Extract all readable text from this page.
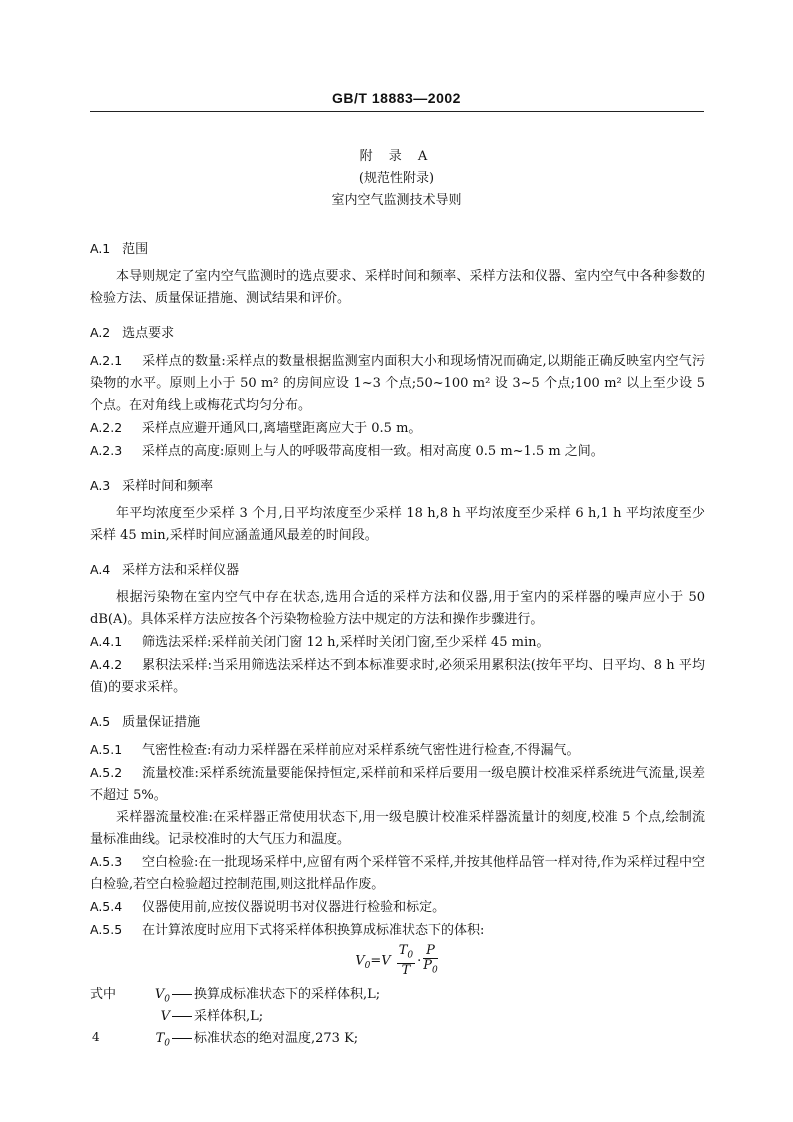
GB/T 18883—2002
附 录 A
(规范性附录)
室内空气监测技术导则
A.1 范围
本导则规定了室内空气监测时的选点要求、采样时间和频率、采样方法和仪器、室内空气中各种参数的检验方法、质量保证措施、测试结果和评价。
A.2 选点要求
A.2.1 采样点的数量:采样点的数量根据监测室内面积大小和现场情况而确定,以期能正确反映室内空气污染物的水平。原则上小于 50 m² 的房间应设 1~3 个点;50~100 m² 设 3~5 个点;100 m² 以上至少设 5 个点。在对角线上或梅花式均匀分布。
A.2.2 采样点应避开通风口,离墙壁距离应大于 0.5 m。
A.2.3 采样点的高度:原则上与人的呼吸带高度相一致。相对高度 0.5 m~1.5 m 之间。
A.3 采样时间和频率
年平均浓度至少采样 3 个月,日平均浓度至少采样 18 h,8 h 平均浓度至少采样 6 h,1 h 平均浓度至少采样 45 min,采样时间应涵盖通风最差的时间段。
A.4 采样方法和采样仪器
根据污染物在室内空气中存在状态,选用合适的采样方法和仪器,用于室内的采样器的噪声应小于 50 dB(A)。具体采样方法应按各个污染物检验方法中规定的方法和操作步骤进行。
A.4.1 筛选法采样:采样前关闭门窗 12 h,采样时关闭门窗,至少采样 45 min。
A.4.2 累积法采样:当采用筛选法采样达不到本标准要求时,必须采用累积法(按年平均、日平均、8 h 平均值)的要求采样。
A.5 质量保证措施
A.5.1 气密性检查:有动力采样器在采样前应对采样系统气密性进行检查,不得漏气。
A.5.2 流量校准:采样系统流量要能保持恒定,采样前和采样后要用一级皂膜计校准采样系统进气流量,误差不超过 5%。
采样器流量校准:在采样器正常使用状态下,用一级皂膜计校准采样器流量计的刻度,校准 5 个点,绘制流量标准曲线。记录校准时的大气压力和温度。
A.5.3 空白检验:在一批现场采样中,应留有两个采样管不采样,并按其他样品管一样对待,作为采样过程中空白检验,若空白检验超过控制范围,则这批样品作废。
A.5.4 仪器使用前,应按仪器说明书对仪器进行检验和标定。
A.5.5 在计算浓度时应用下式将采样体积换算成标准状态下的体积:
$V_0=V \frac{T_0}{T} \cdot \frac{P}{P_0}$
式中	$V_0$ 换算成标准状态下的采样体积,L;
V 采样体积,L;
$T_0$ 标准状态的绝对温度,273 K;
4
